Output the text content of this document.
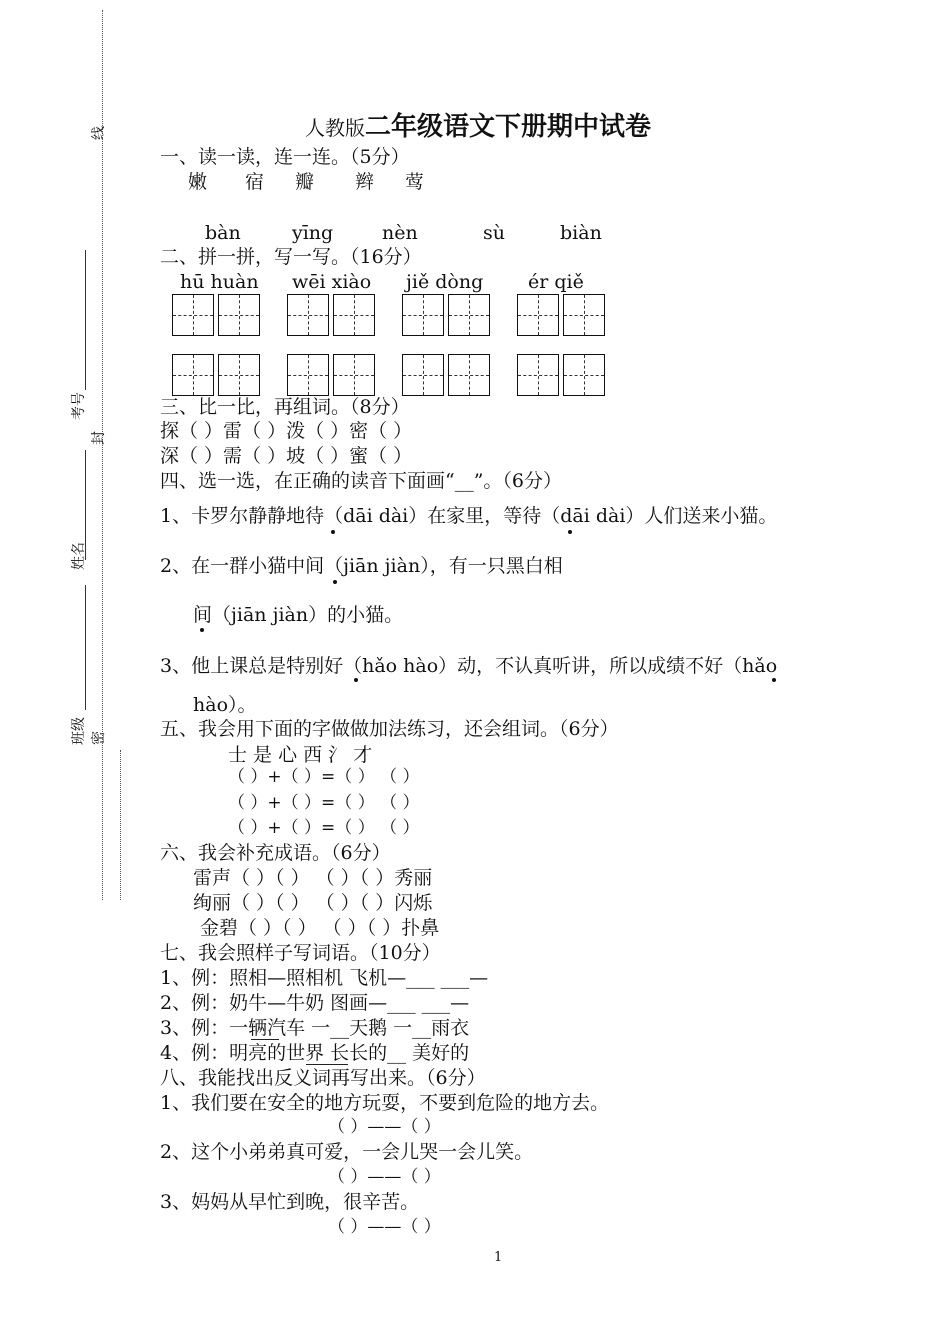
线
考号
封
姓名
班级 密
人教版二年级语文下册期中试卷
一、读一读，连一连。（5分）
嫩 宿 瓣 辫 莺
bàn	yīng	nèn	sù	biàn
二、拼一拼，写一写。（16分）
hū huàn wēi xiào jiě dòng ér qiě
三、比一比，再组词。（8分）
探（ ）雷（ ）泼（ ）密（ ）
深（ ）需（ ）坡（ ）蜜（ ）
四、选一选，在正确的读音下面画“__”。（6分）
1、卡罗尔静静地待（dāi dài）在家里，等待（dāi dài）人们送来小猫。
2、在一群小猫中间（jiān jiàn），有一只黑白相
间（jiān jiàn）的小猫。
3、他上课总是特别好（hǎo hào）动，不认真听讲，所以成绩不好（hǎo
hào）。
五、我会用下面的字做做加法练习，还会组词。（6分）
士 是 心 西 氵 才
（ ）+（ ）=（ ） （ ）
（ ）+（ ）=（ ） （ ）
（ ）+（ ）=（ ） （ ）
六、我会补充成语。（6分）
雷声（ ）（ ） （ ）（ ）秀丽
绚丽（ ）（ ） （ ）（ ）闪烁
金碧（ ）（ ） （ ）（ ）扑鼻
七、我会照样子写词语。（10分）
1、例：照相—照相机 飞机—___ ___—
2、例：奶牛—牛奶 图画—___ ___—
3、例：一辆汽车 一__天鹅 一__雨衣
4、例：明亮的世界 长长的__ 美好的
八、我能找出反义词再写出来。（6分）
1、我们要在安全的地方玩耍，不要到危险的地方去。
（ ）——（ ）
2、这个小弟弟真可爱，一会儿哭一会儿笑。
（ ）——（ ）
3、妈妈从早忙到晚，很辛苦。
（ ）——（ ）
1
